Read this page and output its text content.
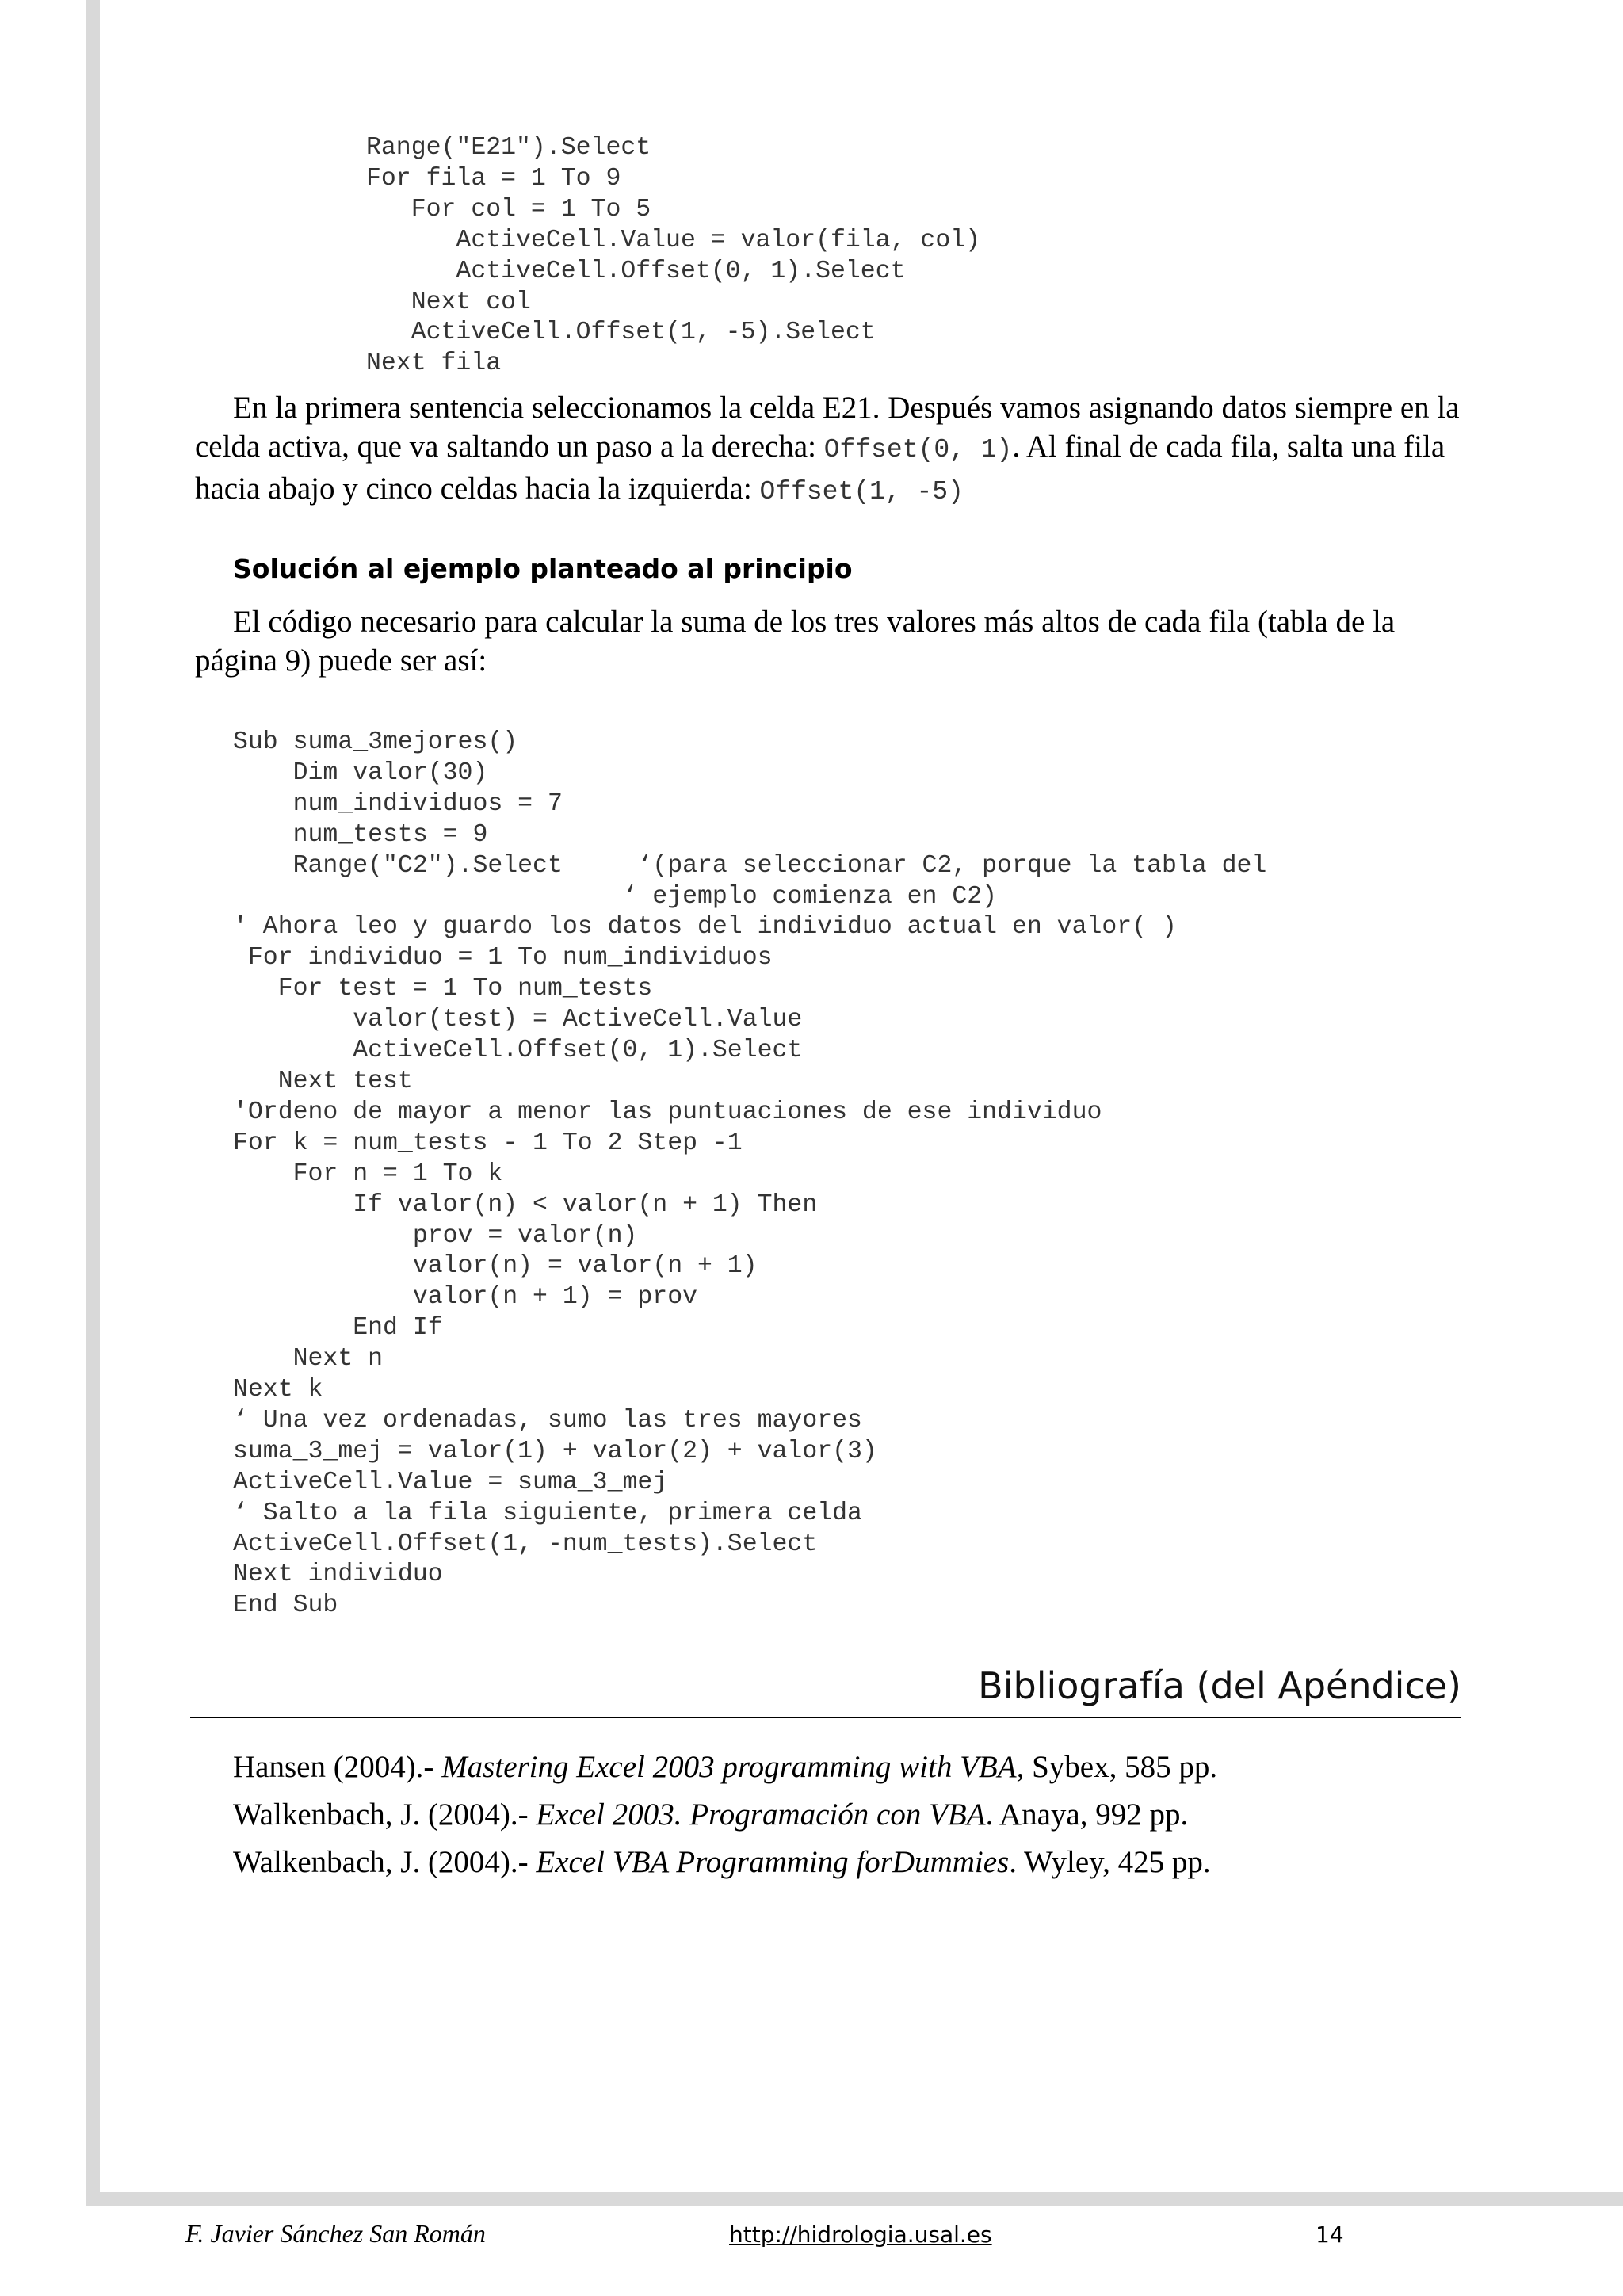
Range("E21").Select
For fila = 1 To 9
For col = 1 To 5
ActiveCell.Value = valor(fila, col)
ActiveCell.Offset(0, 1).Select
Next col
ActiveCell.Offset(1, -5).Select
Next fila

En la primera sentencia seleccionamos la celda E21. Después vamos asignando datos siempre en la celda activa, que va saltando un paso a la derecha: Offset(0, 1). Al final de cada fila, salta una fila hacia abajo y cinco celdas hacia la izquierda: Offset(1, -5)

Solución al ejemplo planteado al principio

El código necesario para calcular la suma de los tres valores más altos de cada fila (tabla de la página 9) puede ser así:

Sub suma_3mejores()
Dim valor(30)
num_individuos = 7
num_tests = 9
Range("C2").Select     ‘(para seleccionar C2, porque la tabla del
‘ ejemplo comienza en C2)
' Ahora leo y guardo los datos del individuo actual en valor( )
For individuo = 1 To num_individuos
For test = 1 To num_tests
valor(test) = ActiveCell.Value
ActiveCell.Offset(0, 1).Select
Next test
'Ordeno de mayor a menor las puntuaciones de ese individuo
For k = num_tests - 1 To 2 Step -1
For n = 1 To k
If valor(n) < valor(n + 1) Then
prov = valor(n)
valor(n) = valor(n + 1)
valor(n + 1) = prov
End If
Next n
Next k
‘ Una vez ordenadas, sumo las tres mayores
suma_3_mej = valor(1) + valor(2) + valor(3)
ActiveCell.Value = suma_3_mej
‘ Salto a la fila siguiente, primera celda
ActiveCell.Offset(1, -num_tests).Select
Next individuo
End Sub
Bibliografía (del Apéndice)
Hansen (2004).- Mastering Excel 2003 programming with VBA, Sybex, 585 pp.
Walkenbach, J. (2004).- Excel 2003. Programación con VBA. Anaya, 992 pp.
Walkenbach, J. (2004).- Excel VBA Programming forDummies. Wyley, 425 pp.
F. Javier Sánchez San Román	http://hidrologia.usal.es	14
